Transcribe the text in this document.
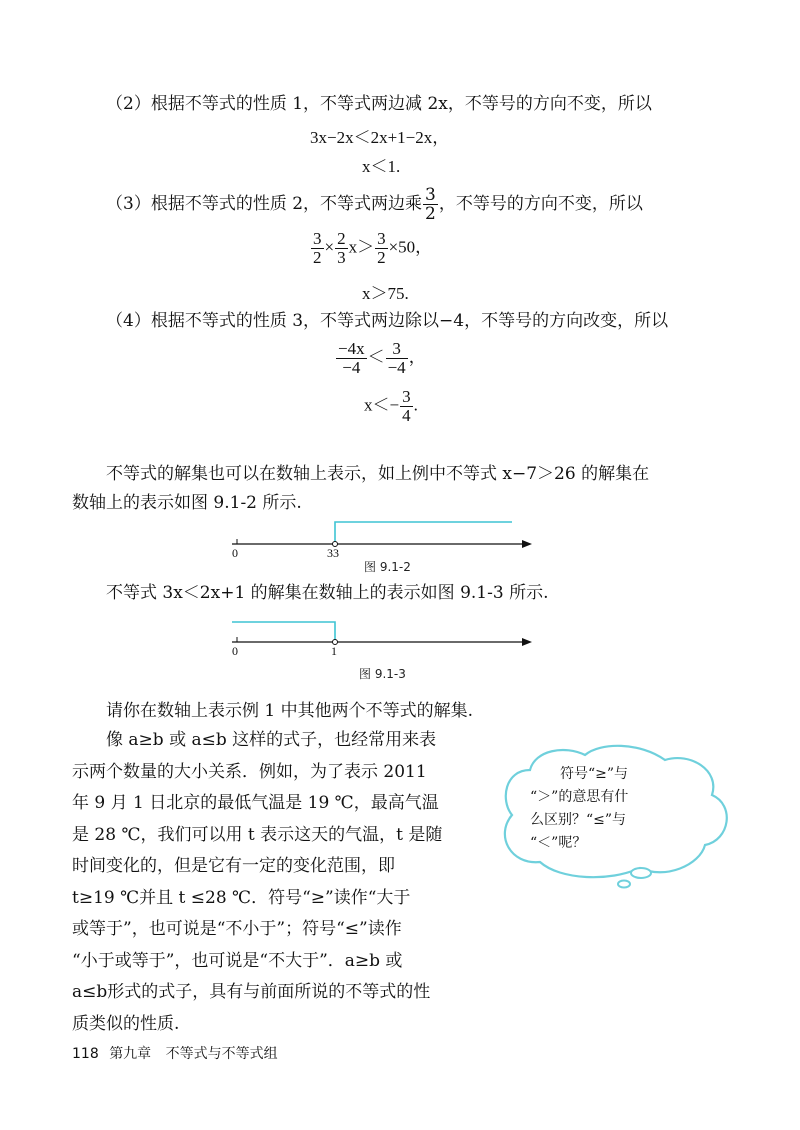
（2）根据不等式的性质 1，不等式两边减 2x，不等号的方向不变，所以
3x−2x＜2x+1−2x，
x＜1.
（3）根据不等式的性质 2，不等式两边乘 $\frac{3}{2}$ ，不等号的方向不变，所以
$\frac{3}{2} \times \frac{2}{3} x> \frac{3}{2} \times 50$，
x＞75.
（4）根据不等式的性质 3，不等式两边除以−4，不等号的方向改变，所以
$\frac{-4x}{-4} < \frac{3}{-4}$ ，
$x<- \frac{3}{4}$ .
不等式的解集也可以在数轴上表示，如上例中不等式 x−7＞26 的解集在
数轴上的表示如图 9.1-2 所示.
0	33
图 9.1-2
不等式 3x＜2x+1 的解集在数轴上的表示如图 9.1-3 所示.
0	1
图 9.1-3
请你在数轴上表示例 1 中其他两个不等式的解集.
像 a≥b 或 a≤b 这样的式子，也经常用来表
示两个数量的大小关系．例如，为了表示 2011
年 9 月 1 日北京的最低气温是 19 ℃，最高气温
是 28 ℃，我们可以用 t 表示这天的气温，t 是随
时间变化的，但是它有一定的变化范围，即
t≥19 ℃并且 t ≤28 ℃．符号“≥”读作“大于
或等于”，也可说是“不小于”；符号“≤”读作
“小于或等于”，也可说是“不大于”．a≥b 或
a≤b形式的式子，具有与前面所说的不等式的性
质类似的性质.
符号“≥”与
“＞”的意思有什
么区别？“≤”与
“＜”呢？
118 第九章 不等式与不等式组
